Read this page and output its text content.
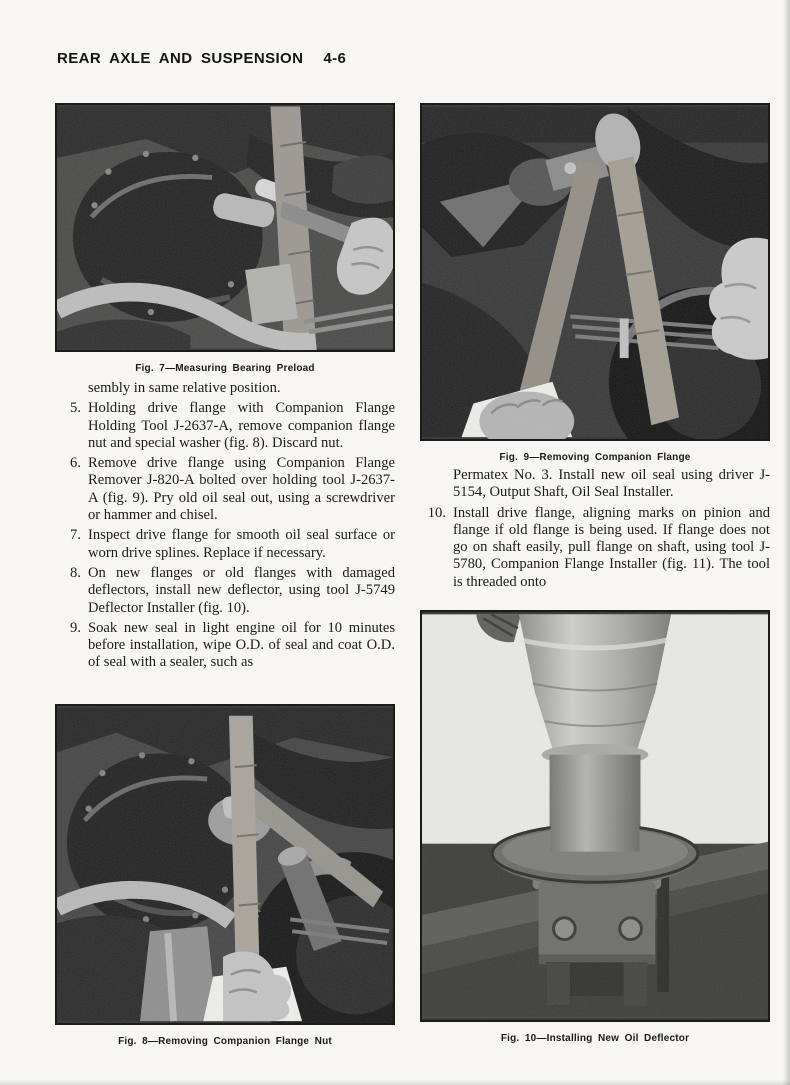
REAR AXLE AND SUSPENSION 4-6
Fig. 7—Measuring Bearing Preload
Fig. 9—Removing Companion Flange

sembly in same relative position.

5. Holding drive flange with Companion Flange Holding Tool J-2637-A, remove companion flange nut and special washer (fig. 8). Discard nut.
6. Remove drive flange using Companion Flange Remover J-820-A bolted over holding tool J-2637-A (fig. 9). Pry old oil seal out, using a screwdriver or hammer and chisel.
7. Inspect drive flange for smooth oil seal surface or worn drive splines. Replace if necessary.
8. On new flanges or old flanges with damaged deflectors, install new deflector, using tool J-5749 Deflector Installer (fig. 10).
9. Soak new seal in light engine oil for 10 minutes before installation, wipe O.D. of seal and coat O.D. of seal with a sealer, such as

Permatex No. 3. Install new oil seal using driver J-5154, Output Shaft, Oil Seal Installer.

10. Install drive flange, aligning marks on pinion and flange if old flange is being used. If flange does not go on shaft easily, pull flange on shaft, using tool J-5780, Companion Flange Installer (fig. 11). The tool is threaded onto
Fig. 8—Removing Companion Flange Nut	Fig. 10—Installing New Oil Deflector
